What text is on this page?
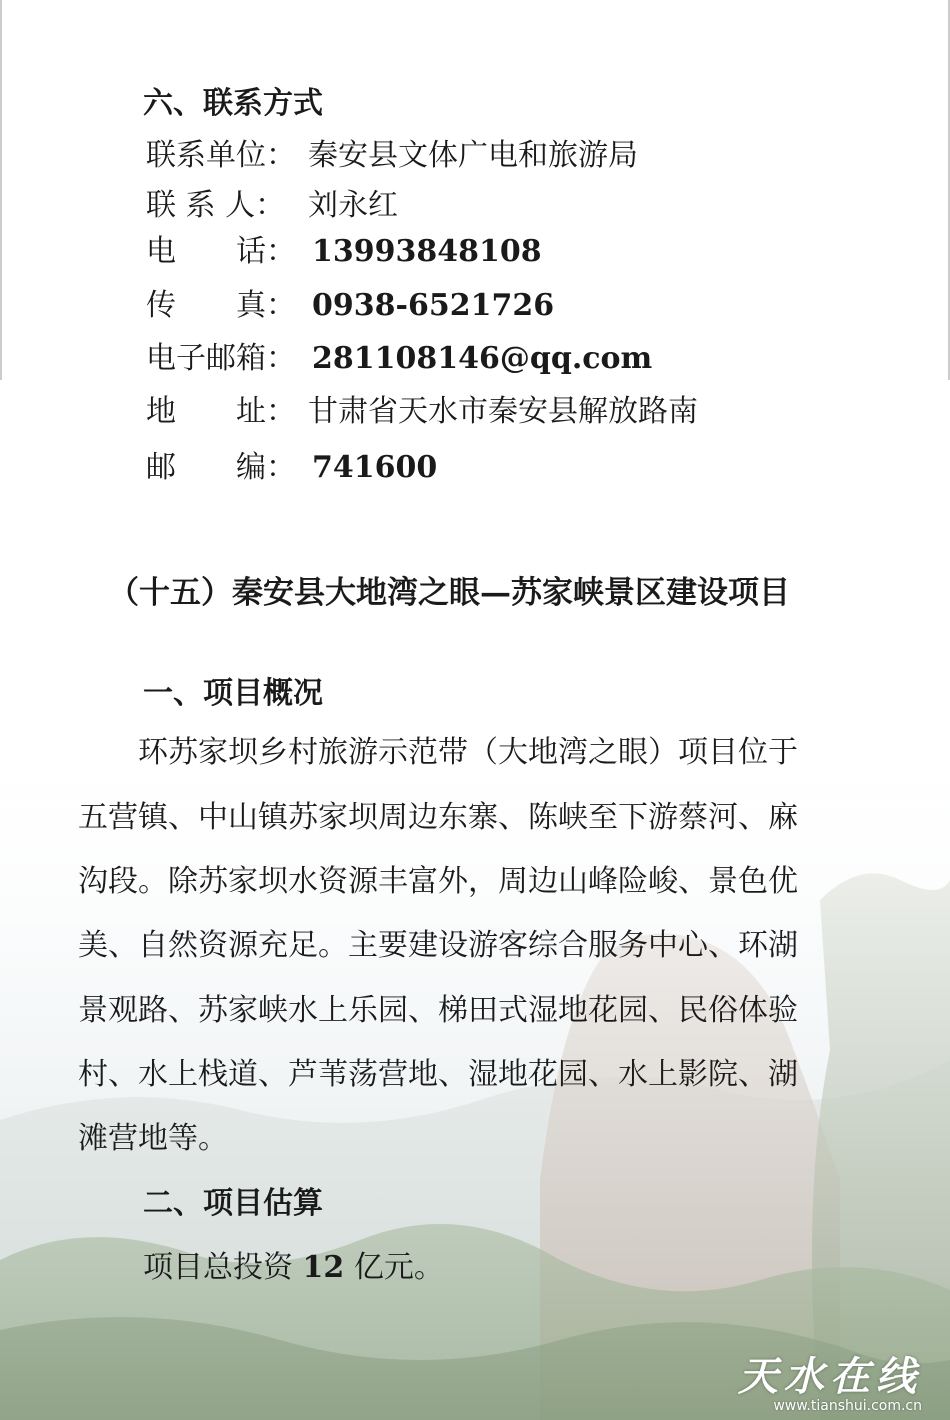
六、联系方式
联系单位： 秦安县文体广电和旅游局
联 系 人： 刘永红
电　　话： 13993848108
传　　真： 0938-6521726
电子邮箱： 281108146@qq.com
地　　址： 甘肃省天水市秦安县解放路南
邮　　编： 741600
（十五）秦安县大地湾之眼—苏家峡景区建设项目
一、项目概况
　　环苏家坝乡村旅游示范带（大地湾之眼）项目位于
五营镇、中山镇苏家坝周边东寨、陈峡至下游蔡河、麻
沟段。除苏家坝水资源丰富外，周边山峰险峻、景色优
美、自然资源充足。主要建设游客综合服务中心、环湖
景观路、苏家峡水上乐园、梯田式湿地花园、民俗体验
村、水上栈道、芦苇荡营地、湿地花园、水上影院、湖
滩营地等。
二、项目估算
项目总投资 12 亿元。
天水在线
www.tianshui.com.cn
